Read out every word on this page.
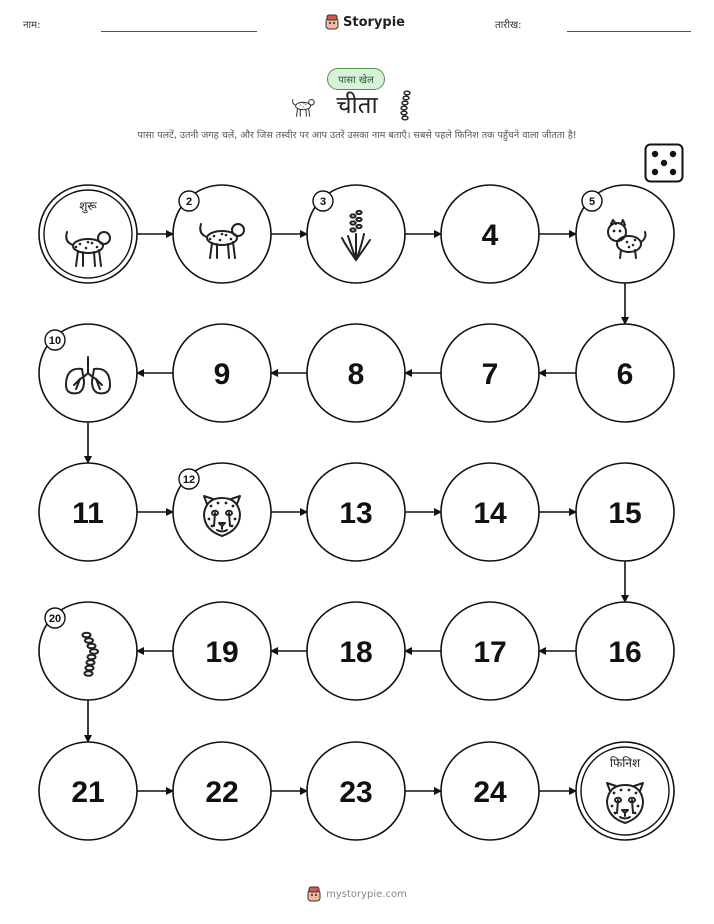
नाम:	Storypie	तारीख:
पासा खेल
चीता
पासा पलटें, उतनी जगह चलें, और जिस तस्वीर पर आप उतरें उसका नाम बताएँ। सबसे पहले फिनिश तक पहुँचने वाला जीतता है!
शुरू	2	3
4
5
6
7
8
9
10
11
12
13	14	15
16
17
18
19
20
21	22	23	24
फिनिश
mystorypie.com
